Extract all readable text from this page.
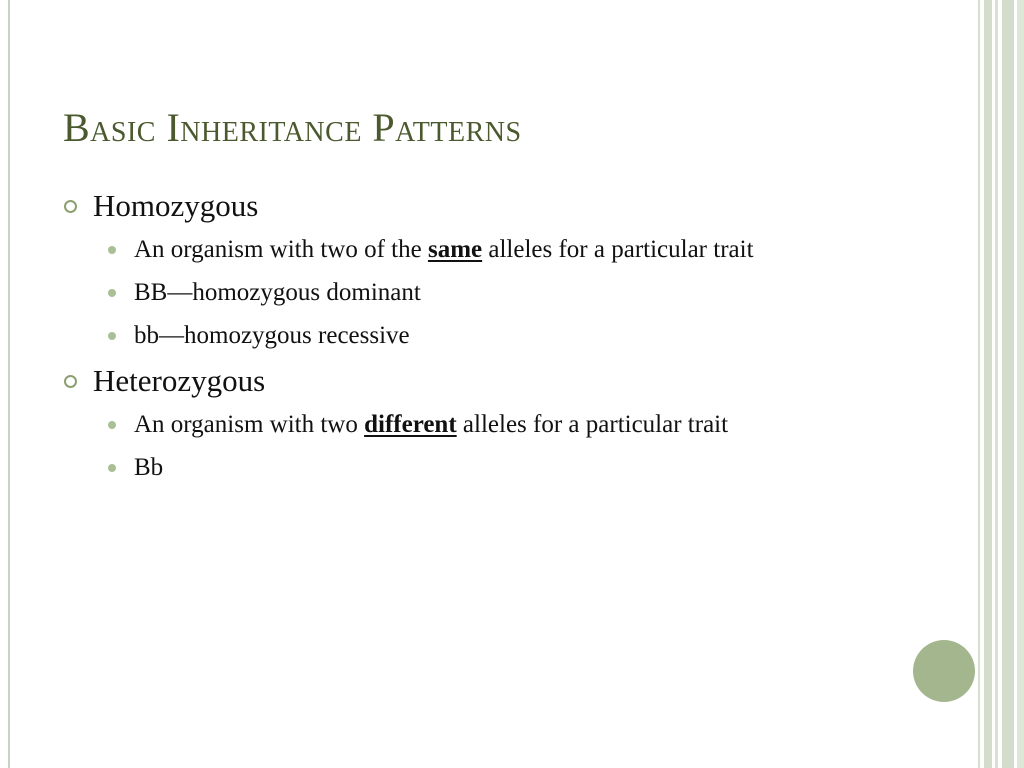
Basic Inheritance Patterns
Homozygous
An organism with two of the same alleles for a particular trait
BB—homozygous dominant
bb—homozygous recessive
Heterozygous
An organism with two different alleles for a particular trait
Bb
